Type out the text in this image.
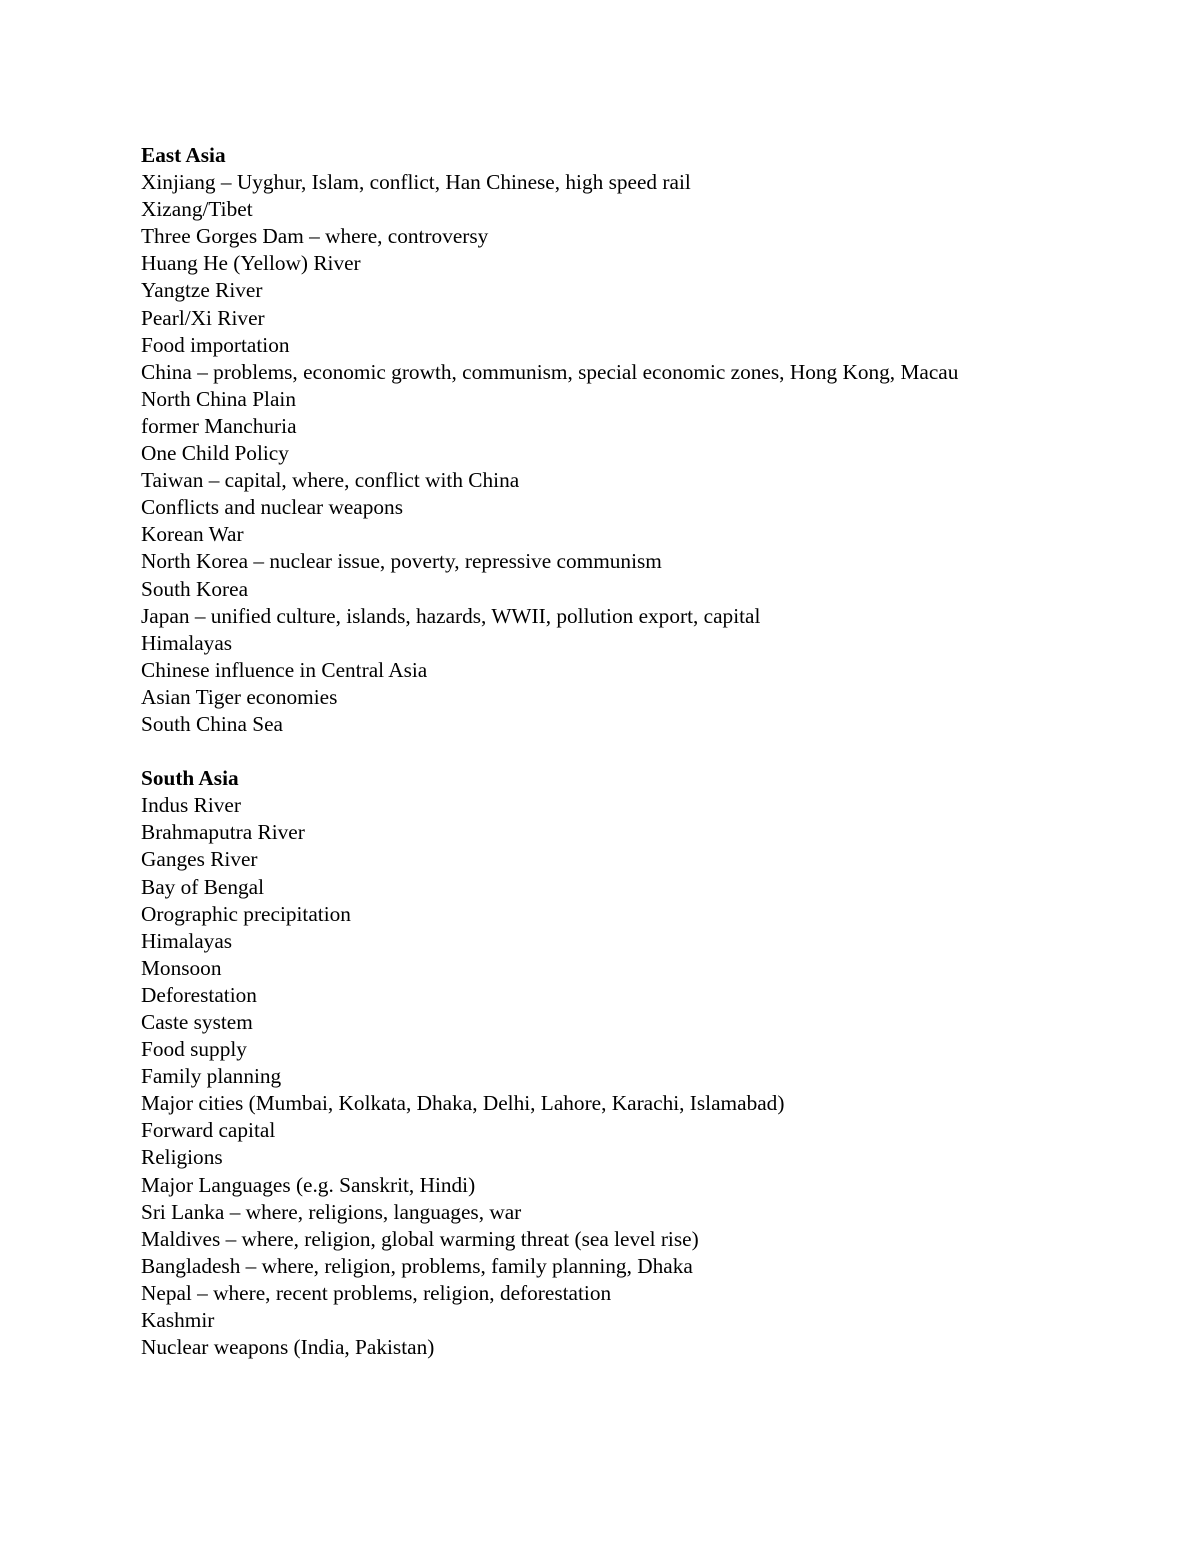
East Asia
Xinjiang – Uyghur, Islam, conflict, Han Chinese, high speed rail
Xizang/Tibet
Three Gorges Dam – where, controversy
Huang He (Yellow) River
Yangtze River
Pearl/Xi River
Food importation
China – problems, economic growth, communism, special economic zones, Hong Kong, Macau
North China Plain
former Manchuria
One Child Policy
Taiwan – capital, where, conflict with China
Conflicts and nuclear weapons
Korean War
North Korea – nuclear issue, poverty, repressive communism
South Korea
Japan – unified culture, islands, hazards, WWII, pollution export, capital
Himalayas
Chinese influence in Central Asia
Asian Tiger economies
South China Sea
South Asia
Indus River
Brahmaputra River
Ganges River
Bay of Bengal
Orographic precipitation
Himalayas
Monsoon
Deforestation
Caste system
Food supply
Family planning
Major cities (Mumbai, Kolkata, Dhaka, Delhi, Lahore, Karachi, Islamabad)
Forward capital
Religions
Major Languages (e.g. Sanskrit, Hindi)
Sri Lanka – where, religions, languages, war
Maldives – where, religion, global warming threat (sea level rise)
Bangladesh – where, religion, problems, family planning, Dhaka
Nepal – where, recent problems, religion, deforestation
Kashmir
Nuclear weapons (India, Pakistan)
